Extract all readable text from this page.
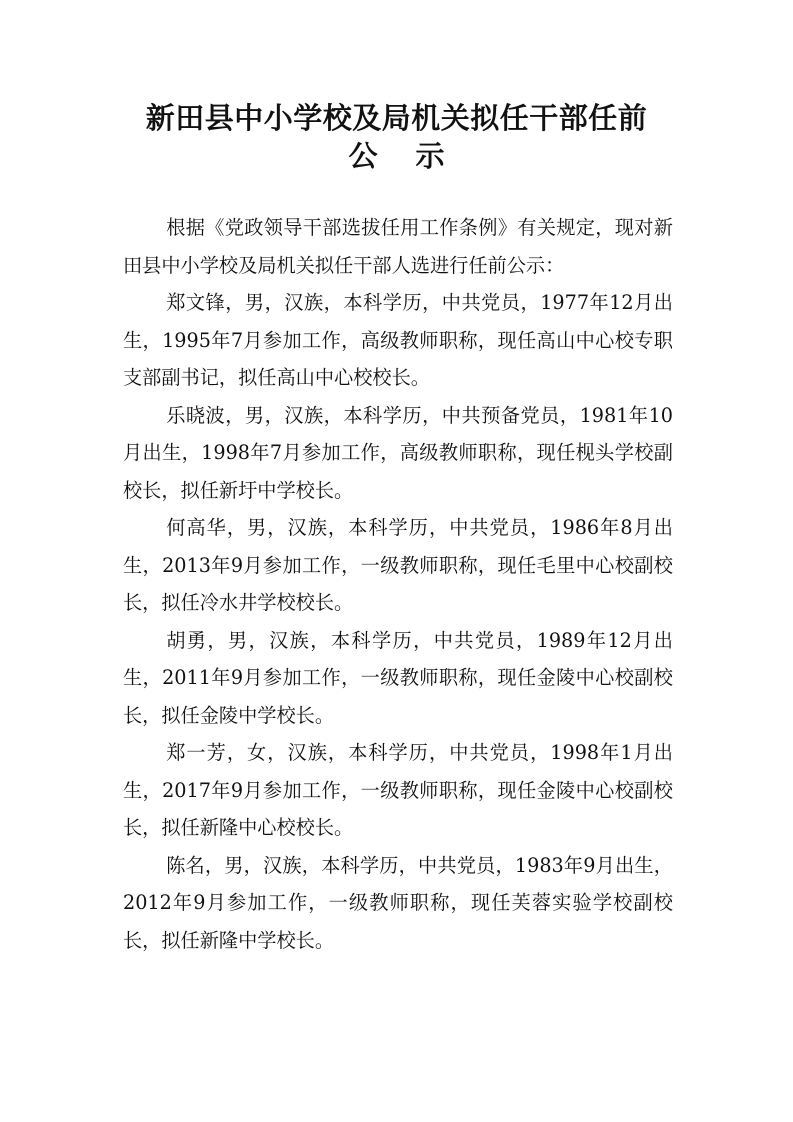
新田县中小学校及局机关拟任干部任前
公示

根据《党政领导干部选拔任用工作条例》有关规定，现对新田县中小学校及局机关拟任干部人选进行任前公示：

郑文锋，男，汉族，本科学历，中共党员，1977年12月出生，1995年7月参加工作，高级教师职称，现任高山中心校专职支部副书记，拟任高山中心校校长。

乐晓波，男，汉族，本科学历，中共预备党员，1981年10月出生，1998年7月参加工作，高级教师职称，现任枧头学校副校长，拟任新圩中学校长。

何高华，男，汉族，本科学历，中共党员，1986年8月出生，2013年9月参加工作，一级教师职称，现任毛里中心校副校长，拟任冷水井学校校长。

胡勇，男，汉族，本科学历，中共党员，1989年12月出生，2011年9月参加工作，一级教师职称，现任金陵中心校副校长，拟任金陵中学校长。

郑一芳，女，汉族，本科学历，中共党员，1998年1月出生，2017年9月参加工作，一级教师职称，现任金陵中心校副校长，拟任新隆中心校校长。

陈名，男，汉族，本科学历，中共党员，1983年9月出生，2012年9月参加工作，一级教师职称，现任芙蓉实验学校副校长，拟任新隆中学校长。
